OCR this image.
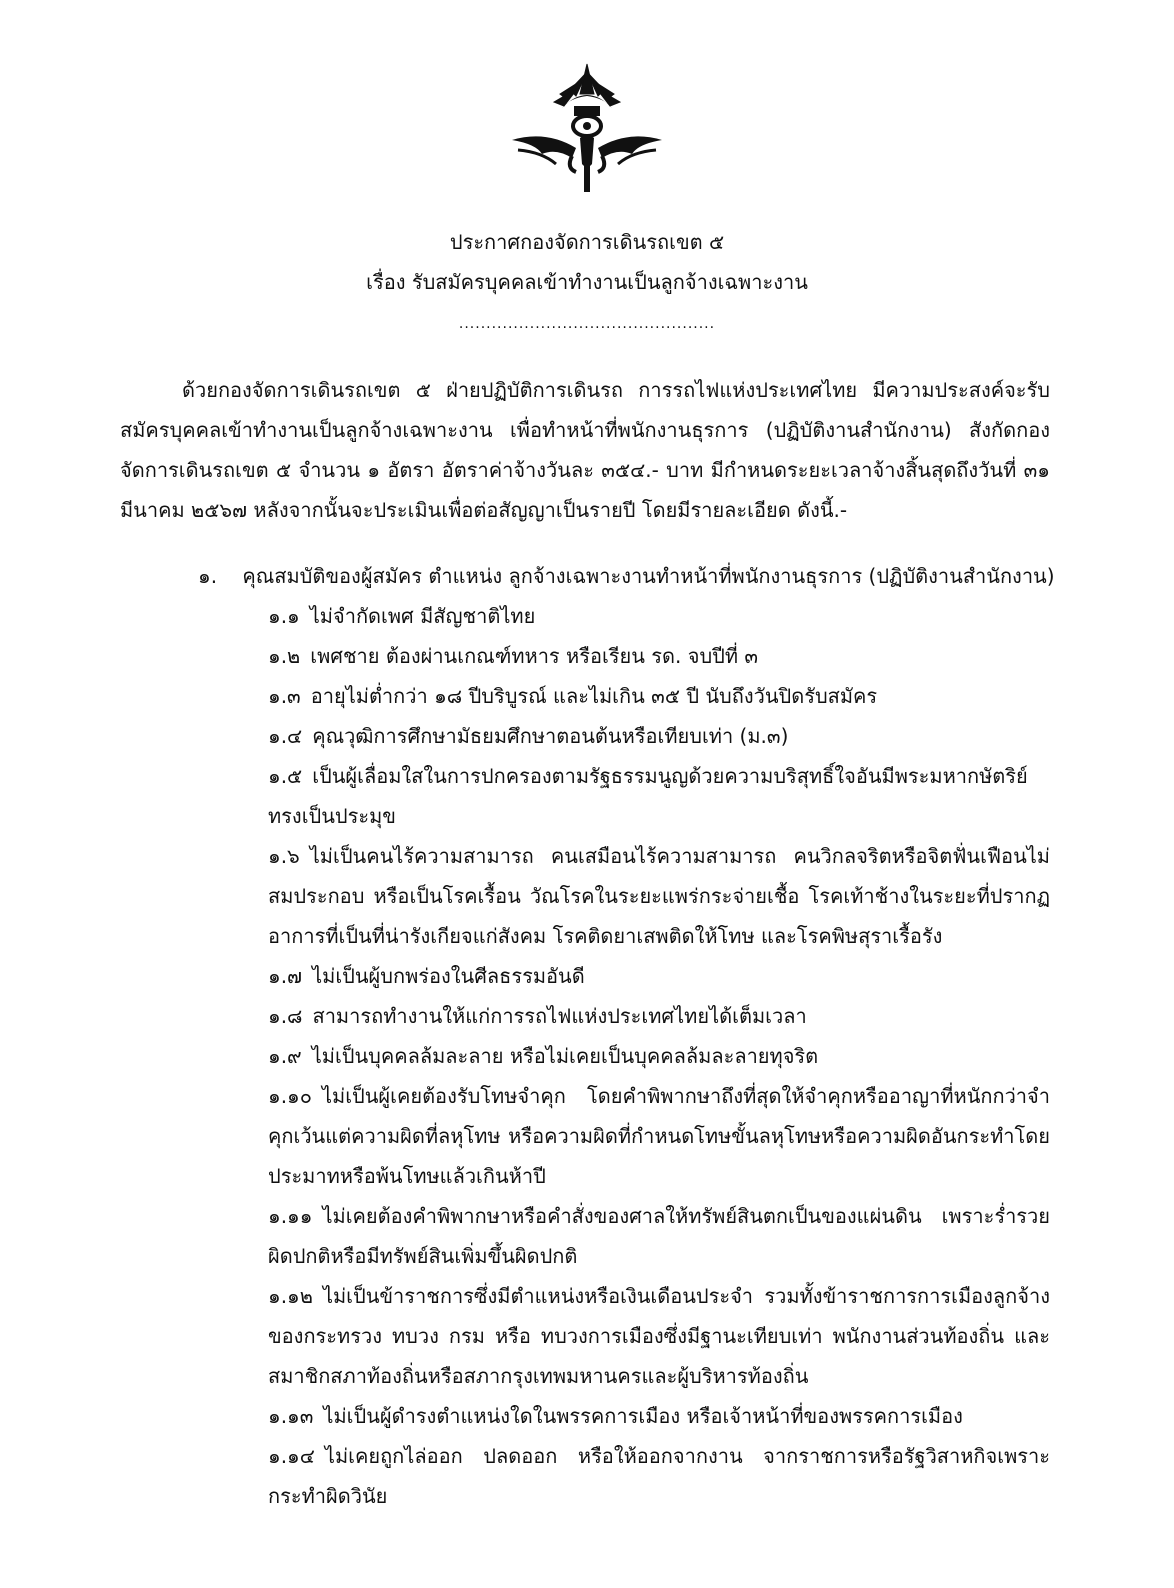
ประกาศกองจัดการเดินรถเขต ๕
เรื่อง รับสมัครบุคคลเข้าทำงานเป็นลูกจ้างเฉพาะงาน
...............................................
ด้วยกองจัดการเดินรถเขต ๕ ฝ่ายปฏิบัติการเดินรถ การรถไฟแห่งประเทศไทย มีความประสงค์จะรับสมัครบุคคลเข้าทำงานเป็นลูกจ้างเฉพาะงาน เพื่อทำหน้าที่พนักงานธุรการ (ปฏิบัติงานสำนักงาน) สังกัดกองจัดการเดินรถเขต ๕ จำนวน ๑ อัตรา อัตราค่าจ้างวันละ ๓๕๔.- บาท มีกำหนดระยะเวลาจ้างสิ้นสุดถึงวันที่ ๓๑ มีนาคม ๒๕๖๗ หลังจากนั้นจะประเมินเพื่อต่อสัญญาเป็นรายปี โดยมีรายละเอียด ดังนี้.-
๑. คุณสมบัติของผู้สมัคร ตำแหน่ง ลูกจ้างเฉพาะงานทำหน้าที่พนักงานธุรการ (ปฏิบัติงานสำนักงาน)
๑.๑ ไม่จำกัดเพศ มีสัญชาติไทย
๑.๒ เพศชาย ต้องผ่านเกณฑ์ทหาร หรือเรียน รด. จบปีที่ ๓
๑.๓ อายุไม่ต่ำกว่า ๑๘ ปีบริบูรณ์ และไม่เกิน ๓๕ ปี นับถึงวันปิดรับสมัคร
๑.๔ คุณวุฒิการศึกษามัธยมศึกษาตอนต้นหรือเทียบเท่า (ม.๓)
๑.๕ เป็นผู้เลื่อมใสในการปกครองตามรัฐธรรมนูญด้วยความบริสุทธิ์ใจอันมีพระมหากษัตริย์ทรงเป็นประมุข
๑.๖ ไม่เป็นคนไร้ความสามารถ คนเสมือนไร้ความสามารถ คนวิกลจริตหรือจิตฟั่นเฟือนไม่สมประกอบ หรือเป็นโรคเรื้อน วัณโรคในระยะแพร่กระจ่ายเชื้อ โรคเท้าช้างในระยะที่ปรากฏอาการที่เป็นที่น่ารังเกียจแก่สังคม โรคติดยาเสพติดให้โทษ และโรคพิษสุราเรื้อรัง
๑.๗ ไม่เป็นผู้บกพร่องในศีลธรรมอันดี
๑.๘ สามารถทำงานให้แก่การรถไฟแห่งประเทศไทยได้เต็มเวลา
๑.๙ ไม่เป็นบุคคลล้มละลาย หรือไม่เคยเป็นบุคคลล้มละลายทุจริต
๑.๑๐ ไม่เป็นผู้เคยต้องรับโทษจำคุก โดยคำพิพากษาถึงที่สุดให้จำคุกหรืออาญาที่หนักกว่าจำคุกเว้นแต่ความผิดที่ลหุโทษ หรือความผิดที่กำหนดโทษขั้นลหุโทษหรือความผิดอันกระทำโดยประมาทหรือพ้นโทษแล้วเกินห้าปี
๑.๑๑ ไม่เคยต้องคำพิพากษาหรือคำสั่งของศาลให้ทรัพย์สินตกเป็นของแผ่นดิน เพราะร่ำรวยผิดปกติหรือมีทรัพย์สินเพิ่มขึ้นผิดปกติ
๑.๑๒ ไม่เป็นข้าราชการซึ่งมีตำแหน่งหรือเงินเดือนประจำ รวมทั้งข้าราชการการเมืองลูกจ้างของกระทรวง ทบวง กรม หรือ ทบวงการเมืองซึ่งมีฐานะเทียบเท่า พนักงานส่วนท้องถิ่น และสมาชิกสภาท้องถิ่นหรือสภากรุงเทพมหานครและผู้บริหารท้องถิ่น
๑.๑๓ ไม่เป็นผู้ดำรงตำแหน่งใดในพรรคการเมือง หรือเจ้าหน้าที่ของพรรคการเมือง
๑.๑๔ ไม่เคยถูกไล่ออก ปลดออก หรือให้ออกจากงาน จากราชการหรือรัฐวิสาหกิจเพราะกระทำผิดวินัย
